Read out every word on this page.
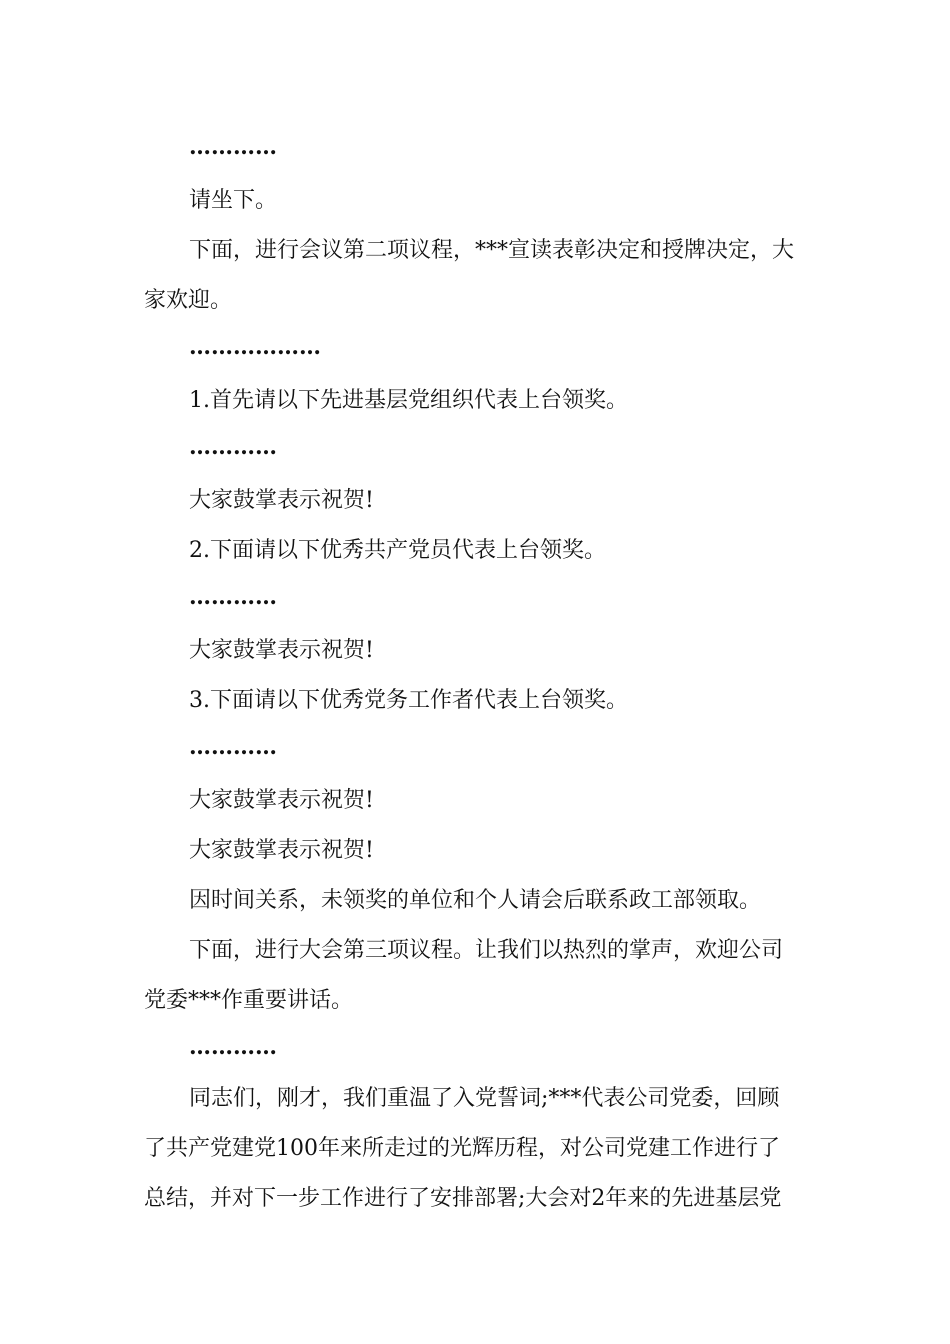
…………
请坐下。
下面，进行会议第二项议程，***宣读表彰决定和授牌决定，大
家欢迎。
………………
1.首先请以下先进基层党组织代表上台领奖。
…………
大家鼓掌表示祝贺!
2.下面请以下优秀共产党员代表上台领奖。
…………
大家鼓掌表示祝贺!
3.下面请以下优秀党务工作者代表上台领奖。
…………
大家鼓掌表示祝贺!
大家鼓掌表示祝贺!
因时间关系，未领奖的单位和个人请会后联系政工部领取。
下面，进行大会第三项议程。让我们以热烈的掌声，欢迎公司
党委***作重要讲话。
…………
同志们，刚才，我们重温了入党誓词;***代表公司党委，回顾
了共产党建党100年来所走过的光辉历程，对公司党建工作进行了
总结，并对下一步工作进行了安排部署;大会对2年来的先进基层党
